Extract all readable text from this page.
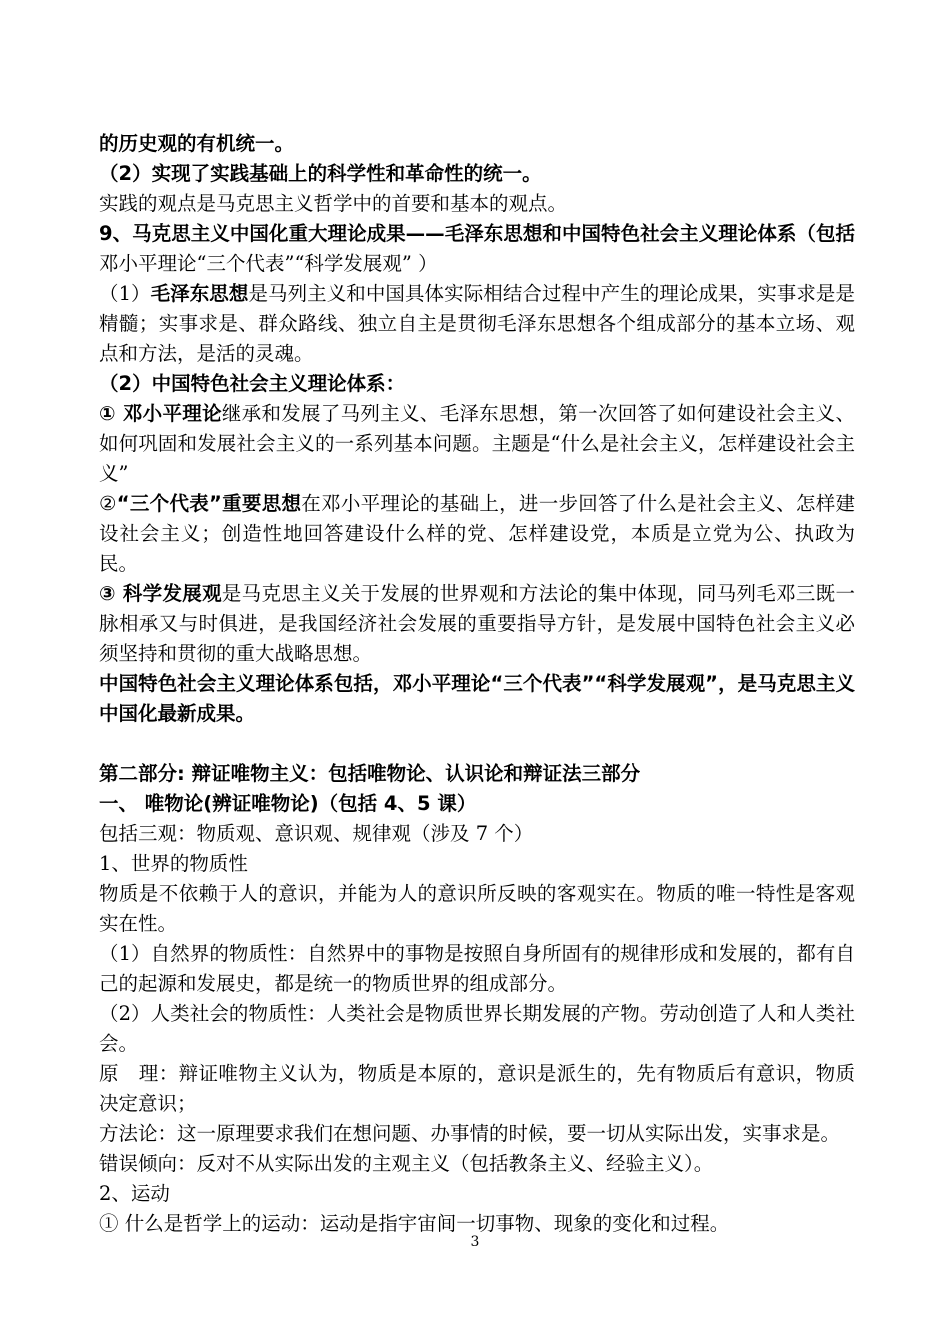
的历史观的有机统一。

（2）实现了实践基础上的科学性和革命性的统一。

实践的观点是马克思主义哲学中的首要和基本的观点。

9、马克思主义中国化重大理论成果——毛泽东思想和中国特色社会主义理论体系（包括邓小平理论“三个代表”“科学发展观” ）

（1）毛泽东思想是马列主义和中国具体实际相结合过程中产生的理论成果，实事求是是精髓；实事求是、群众路线、独立自主是贯彻毛泽东思想各个组成部分的基本立场、观点和方法，是活的灵魂。

（2）中国特色社会主义理论体系：

① 邓小平理论继承和发展了马列主义、毛泽东思想，第一次回答了如何建设社会主义、如何巩固和发展社会主义的一系列基本问题。主题是“什么是社会主义，怎样建设社会主义”

②“三个代表”重要思想在邓小平理论的基础上，进一步回答了什么是社会主义、怎样建设社会主义；创造性地回答建设什么样的党、怎样建设党，本质是立党为公、执政为民。

③ 科学发展观是马克思主义关于发展的世界观和方法论的集中体现，同马列毛邓三既一脉相承又与时俱进，是我国经济社会发展的重要指导方针，是发展中国特色社会主义必须坚持和贯彻的重大战略思想。

中国特色社会主义理论体系包括，邓小平理论“三个代表”“科学发展观”，是马克思主义中国化最新成果。

第二部分: 辩证唯物主义：包括唯物论、认识论和辩证法三部分

一、 唯物论(辨证唯物论)（包括 4、5 课）

包括三观：物质观、意识观、规律观（涉及 7 个）

1、世界的物质性

物质是不依赖于人的意识，并能为人的意识所反映的客观实在。物质的唯一特性是客观实在性。

（1）自然界的物质性：自然界中的事物是按照自身所固有的规律形成和发展的，都有自己的起源和发展史，都是统一的物质世界的组成部分。

（2）人类社会的物质性：人类社会是物质世界长期发展的产物。劳动创造了人和人类社会。

原　理：辩证唯物主义认为，物质是本原的，意识是派生的，先有物质后有意识，物质决定意识；

方法论：这一原理要求我们在想问题、办事情的时候，要一切从实际出发，实事求是。

错误倾向：反对不从实际出发的主观主义（包括教条主义、经验主义）。

2、运动

① 什么是哲学上的运动：运动是指宇宙间一切事物、现象的变化和过程。

3
